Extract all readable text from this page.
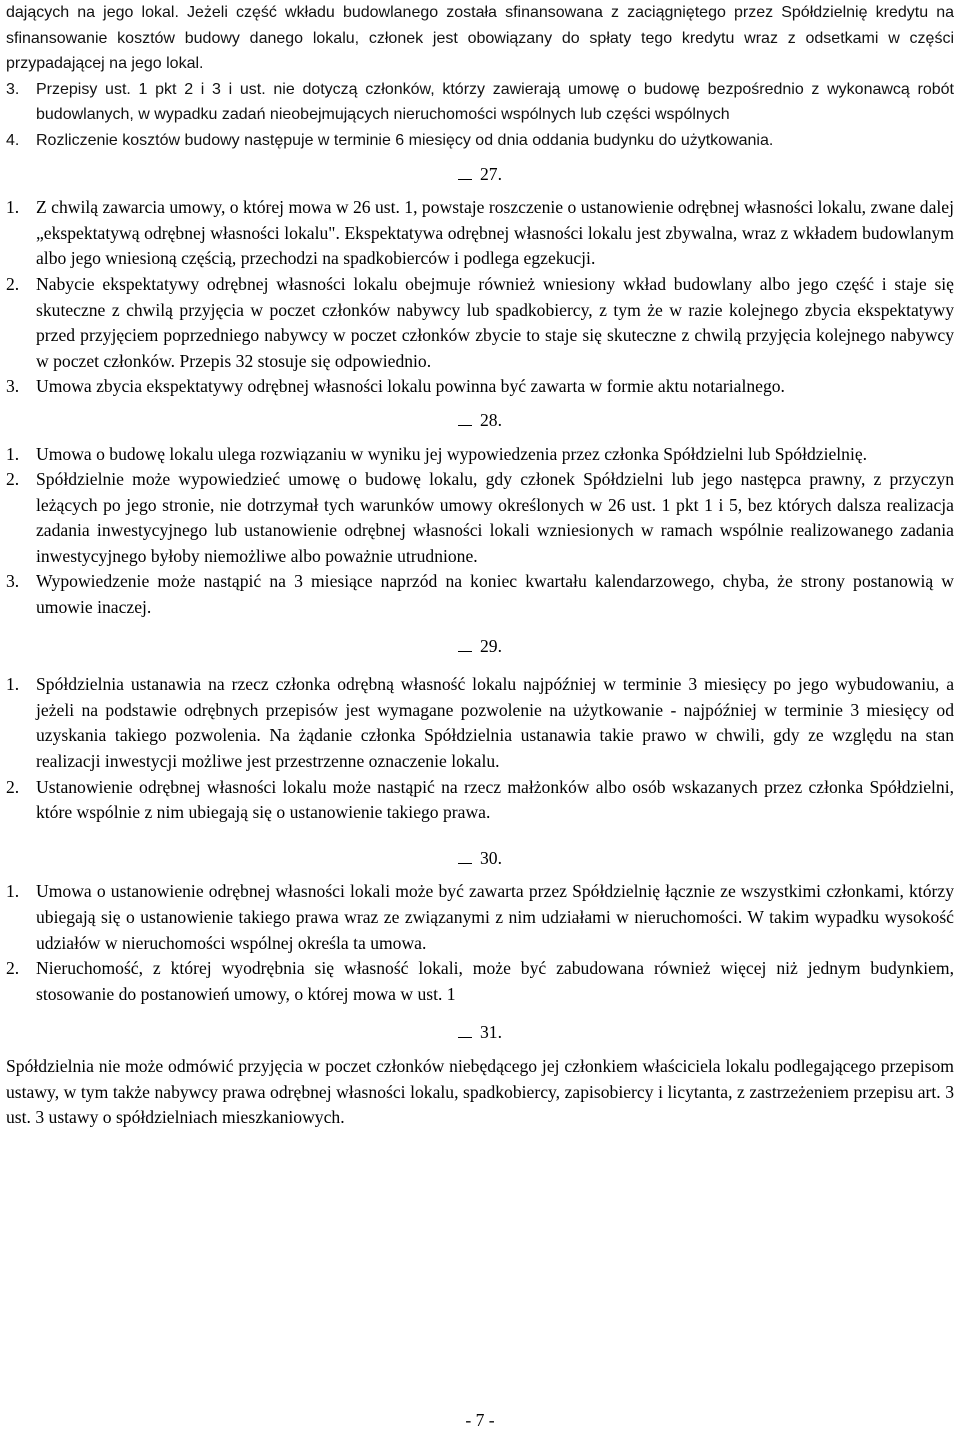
dających na jego lokal. Jeżeli część wkładu budowlanego została sfinansowana z zaciągniętego przez Spółdzielnię kredytu na sfinansowanie kosztów budowy danego lokalu, członek jest obowiązany do spłaty tego kredytu wraz z odsetkami w części przypadającej na jego lokal.

3.	Przepisy ust. 1 pkt 2 i 3 i ust. nie dotyczą członków, którzy zawierają umowę o budowę bezpośrednio z wykonawcą robót budowlanych, w wypadku zadań nieobejmujących nieruchomości wspólnych lub części wspólnych
4.	Rozliczenie kosztów budowy następuje w terminie 6 miesięcy od dnia oddania budynku do użytkowania.

27.

1. Z chwilą zawarcia umowy, o której mowa w 26 ust. 1, powstaje roszczenie o ustanowienie odrębnej własności lokalu, zwane dalej „ekspektatywą odrębnej własności lokalu". Ekspektatywa odrębnej własności lokalu jest zbywalna, wraz z wkładem budowlanym albo jego wniesioną częścią, przechodzi na spadkobierców i podlega egzekucji.
2. Nabycie ekspektatywy odrębnej własności lokalu obejmuje również wniesiony wkład budowlany albo jego część i staje się skuteczne z chwilą przyjęcia w poczet członków nabywcy lub spadkobiercy, z tym że w razie kolejnego zbycia ekspektatywy przed przyjęciem poprzedniego nabywcy w poczet członków zbycie to staje się skuteczne z chwilą przyjęcia kolejnego nabywcy w poczet członków. Przepis 32 stosuje się odpowiednio.
3. Umowa zbycia ekspektatywy odrębnej własności lokalu powinna być zawarta w formie aktu notarialnego.

28.

1. Umowa o budowę lokalu ulega rozwiązaniu w wyniku jej wypowiedzenia przez członka Spółdzielni lub Spółdzielnię.
2. Spółdzielnie może wypowiedzieć umowę o budowę lokalu, gdy członek Spółdzielni lub jego następca prawny, z przyczyn leżących po jego stronie, nie dotrzymał tych warunków umowy określonych w 26 ust. 1 pkt 1 i 5, bez których dalsza realizacja zadania inwestycyjnego lub ustanowienie odrębnej własności lokali wzniesionych w ramach wspólnie realizowanego zadania inwestycyjnego byłoby niemożliwe albo poważnie utrudnione.
3. Wypowiedzenie może nastąpić na 3 miesiące naprzód na koniec kwartału kalendarzowego, chyba, że strony postanowią w umowie inaczej.

29.

1. Spółdzielnia ustanawia na rzecz członka odrębną własność lokalu najpóźniej w terminie 3 miesięcy po jego wybudowaniu, a jeżeli na podstawie odrębnych przepisów jest wymagane pozwolenie na użytkowanie - najpóźniej w terminie 3 miesięcy od uzyskania takiego pozwolenia. Na żądanie członka Spółdzielnia ustanawia takie prawo w chwili, gdy ze względu na stan realizacji inwestycji możliwe jest przestrzenne oznaczenie lokalu.
2. Ustanowienie odrębnej własności lokalu może nastąpić na rzecz małżonków albo osób wskazanych przez członka Spółdzielni, które wspólnie z nim ubiegają się o ustanowienie takiego prawa.

30.

1. Umowa o ustanowienie odrębnej własności lokali może być zawarta przez Spółdzielnię łącznie ze wszystkimi członkami, którzy ubiegają się o ustanowienie takiego prawa wraz ze związanymi z nim udziałami w nieruchomości. W takim wypadku wysokość udziałów w nieruchomości wspólnej określa ta umowa.
2. Nieruchomość, z której wyodrębnia się własność lokali, może być zabudowana również więcej niż jednym budynkiem, stosowanie do postanowień umowy, o której mowa w ust. 1

31.

Spółdzielnia nie może odmówić przyjęcia w poczet członków niebędącego jej członkiem właściciela lokalu podlegającego przepisom ustawy, w tym także nabywcy prawa odrębnej własności lokalu, spadkobiercy, zapisobiercy i licytanta, z zastrzeżeniem przepisu art. 3 ust. 3 ustawy o spółdzielniach mieszkaniowych.

- 7 -
